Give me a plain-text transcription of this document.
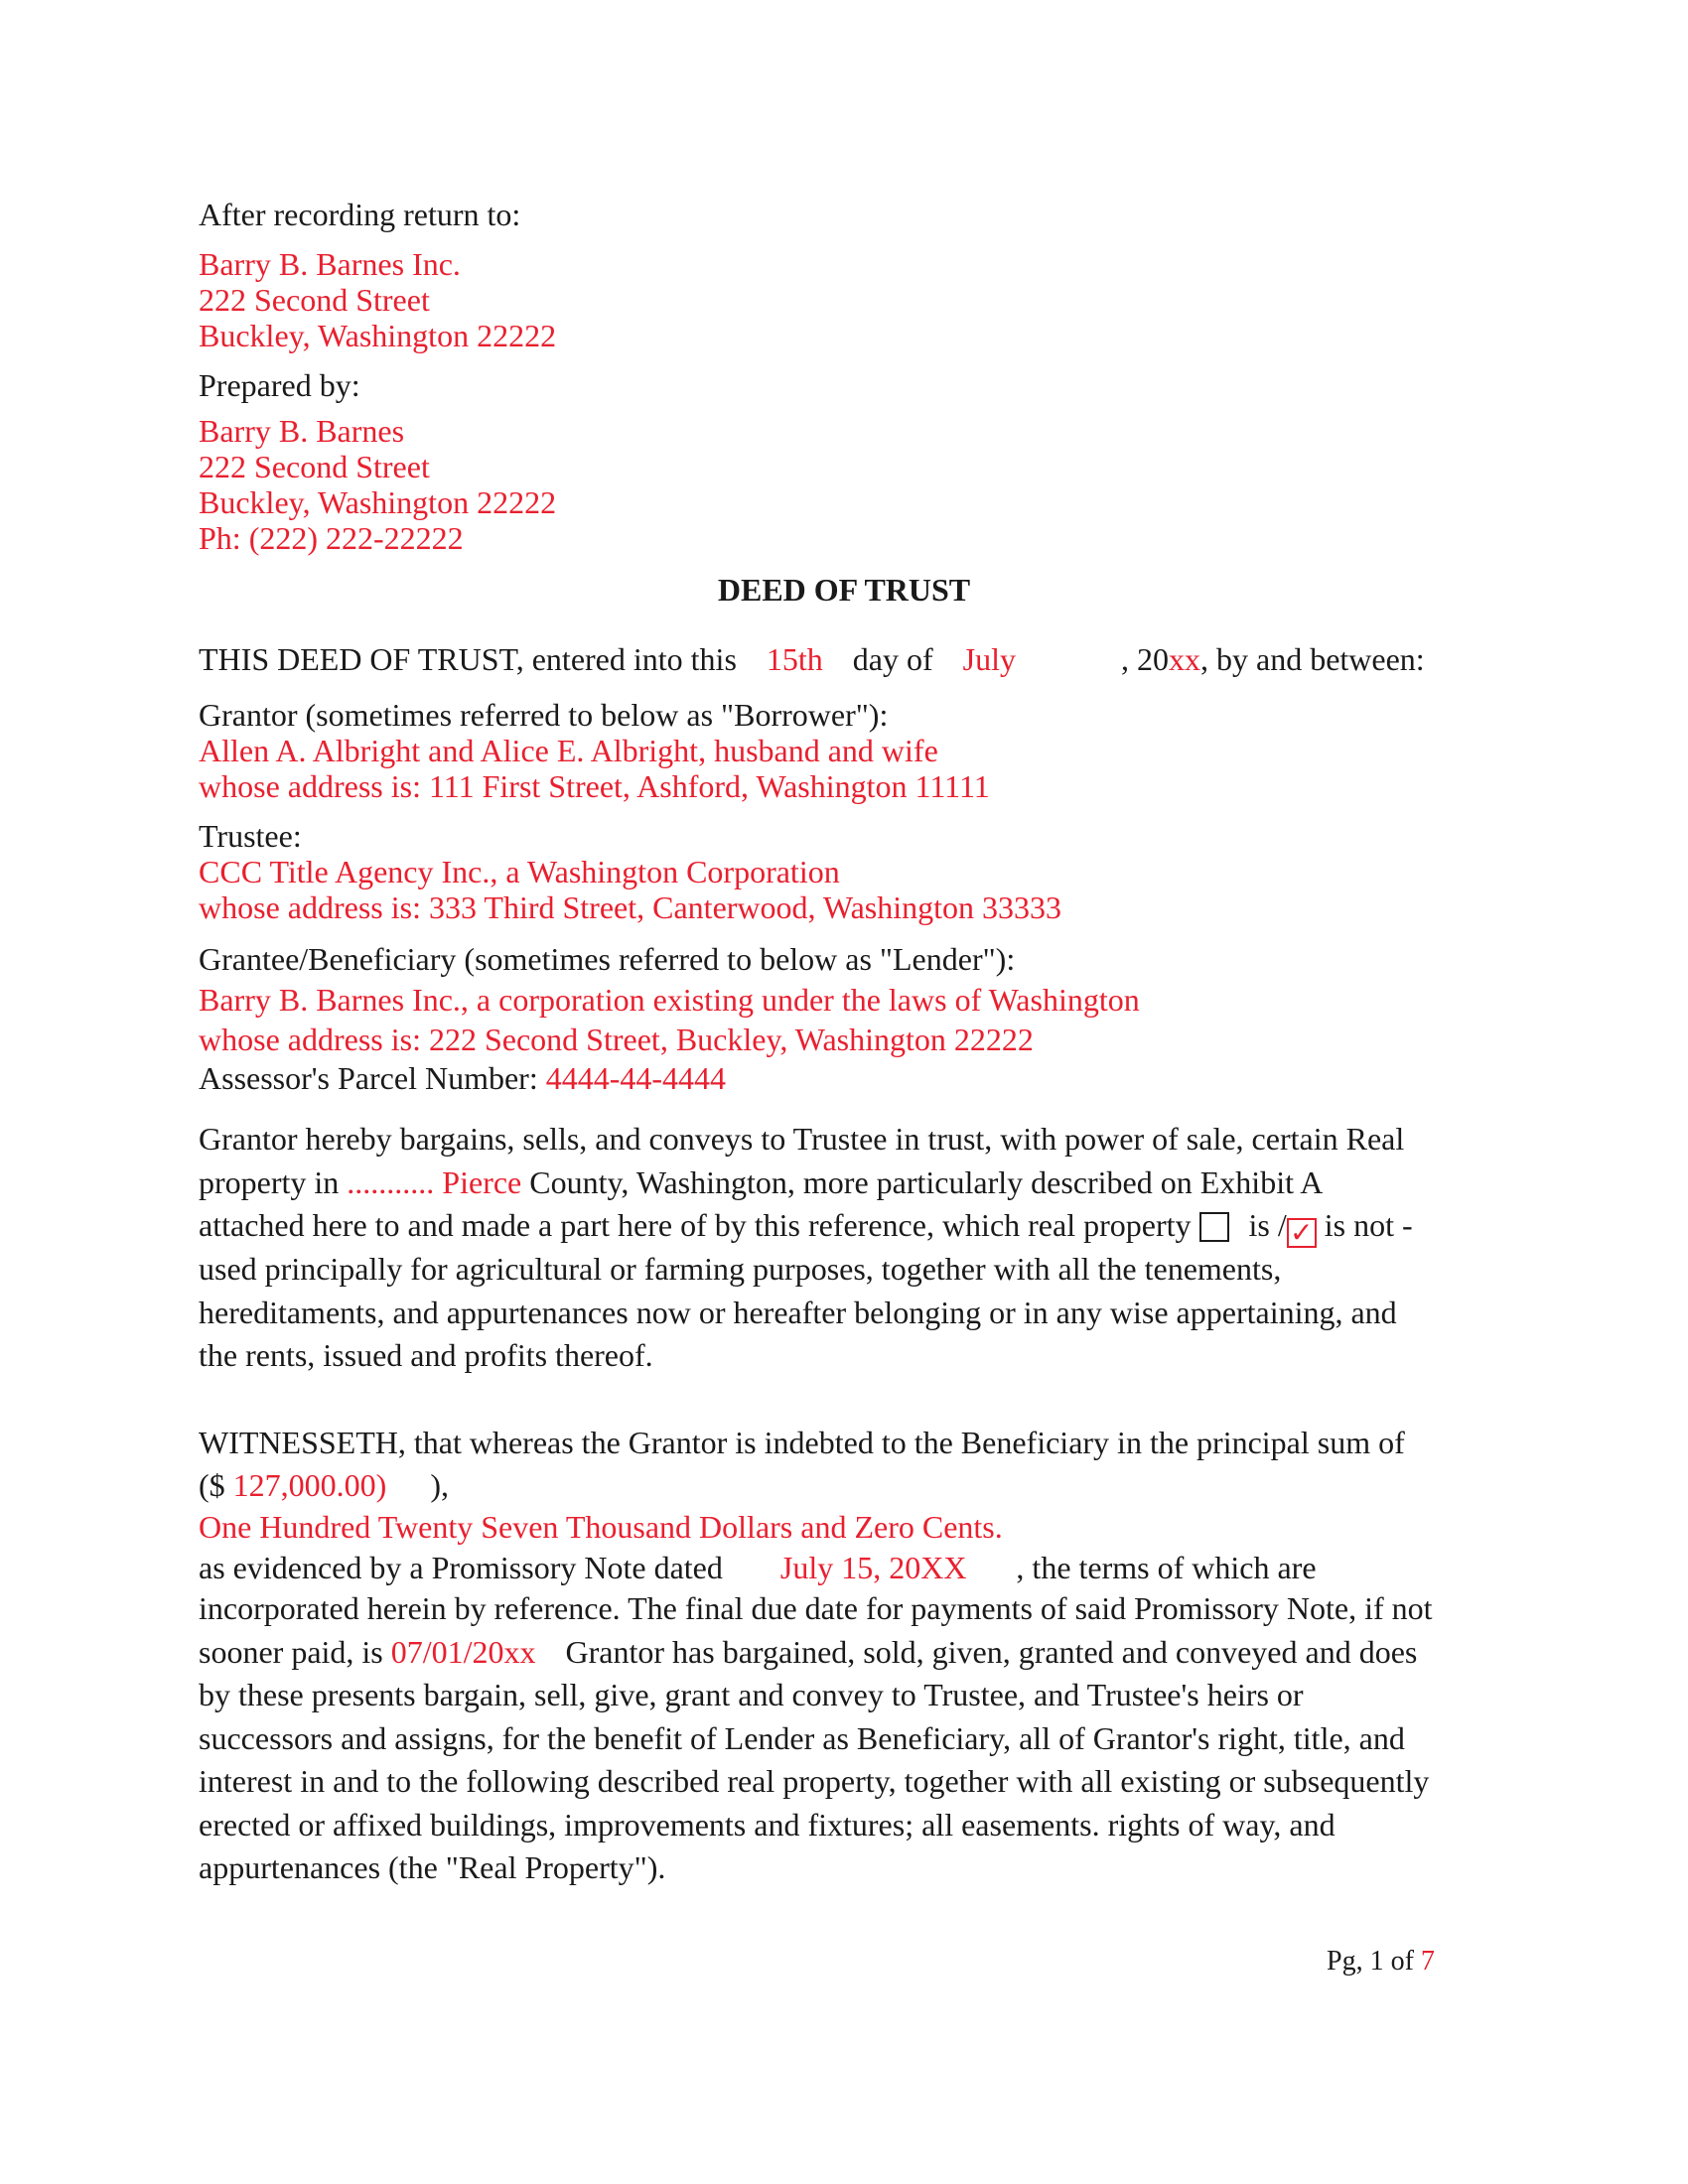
After recording return to:
Barry B. Barnes Inc.
222 Second Street
Buckley, Washington 22222
Prepared by:
Barry B. Barnes
222 Second Street
Buckley, Washington 22222
Ph: (222) 222-22222
DEED OF TRUST
THIS DEED OF TRUST, entered into this 15th day of July	, 20xx, by and between:
Grantor (sometimes referred to below as "Borrower"):
Allen A. Albright and Alice E. Albright, husband and wife
whose address is: 111 First Street, Ashford, Washington 11111
Trustee:
CCC Title Agency Inc., a Washington Corporation
whose address is: 333 Third Street, Canterwood, Washington 33333
Grantee/Beneficiary (sometimes referred to below as "Lender"):
Barry B. Barnes Inc., a corporation existing under the laws of Washington
whose address is: 222 Second Street, Buckley, Washington 22222
Assessor's Parcel Number: 4444-44-4444
Grantor hereby bargains, sells, and conveys to Trustee in trust, with power of sale, certain Real
property in ........... Pierce County, Washington, more particularly described on Exhibit A
attached here to and made a part here of by this reference, which real property is / ✓ is not -
used principally for agricultural or farming purposes, together with all the tenements,
hereditaments, and appurtenances now or hereafter belonging or in any wise appertaining, and
the rents, issued and profits thereof.
WITNESSETH, that whereas the Grantor is indebted to the Beneficiary in the principal sum of
($ 127,000.00) ),
One Hundred Twenty Seven Thousand Dollars and Zero Cents.
as evidenced by a Promissory Note dated July 15, 20XX , the terms of which are
incorporated herein by reference. The final due date for payments of said Promissory Note, if not
sooner paid, is 07/01/20xx Grantor has bargained, sold, given, granted and conveyed and does
by these presents bargain, sell, give, grant and convey to Trustee, and Trustee's heirs or
successors and assigns, for the benefit of Lender as Beneficiary, all of Grantor's right, title, and
interest in and to the following described real property, together with all existing or subsequently
erected or affixed buildings, improvements and fixtures; all easements. rights of way, and
appurtenances (the "Real Property").
Pg, 1 of 7
